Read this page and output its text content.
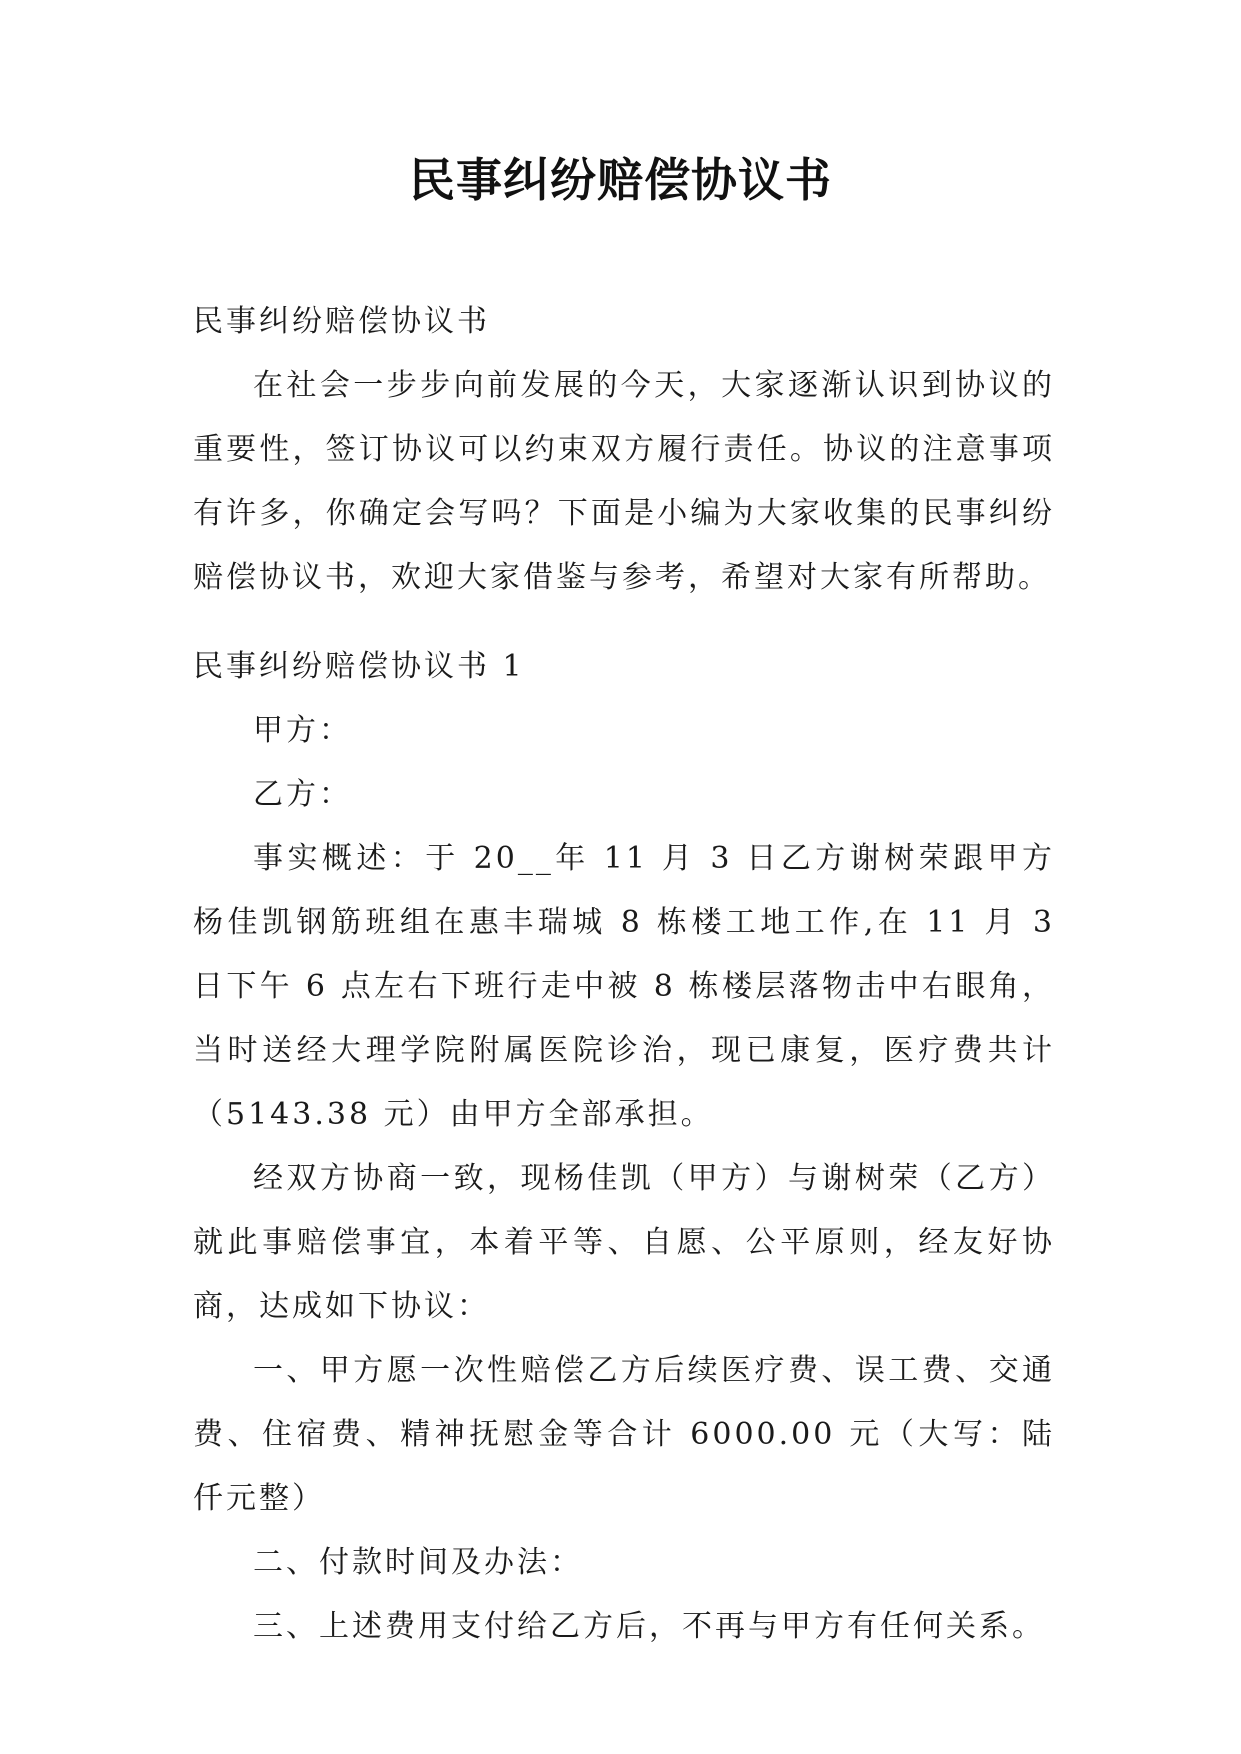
民事纠纷赔偿协议书

民事纠纷赔偿协议书

在社会一步步向前发展的今天，大家逐渐认识到协议的重要性，签订协议可以约束双方履行责任。协议的注意事项有许多，你确定会写吗？下面是小编为大家收集的民事纠纷赔偿协议书，欢迎大家借鉴与参考，希望对大家有所帮助。

民事纠纷赔偿协议书 1

甲方：

乙方：

事实概述：于 20__年 11 月 3 日乙方谢树荣跟甲方杨佳凯钢筋班组在惠丰瑞城 8 栋楼工地工作,在 11 月 3 日下午 6 点左右下班行走中被 8 栋楼层落物击中右眼角，当时送经大理学院附属医院诊治，现已康复，医疗费共计（5143.38 元）由甲方全部承担。

经双方协商一致，现杨佳凯（甲方）与谢树荣（乙方）就此事赔偿事宜，本着平等、自愿、公平原则，经友好协商，达成如下协议：

一、甲方愿一次性赔偿乙方后续医疗费、误工费、交通费、住宿费、精神抚慰金等合计 6000.00 元（大写：陆仟元整）

二、付款时间及办法：

三、上述费用支付给乙方后，不再与甲方有任何关系。
